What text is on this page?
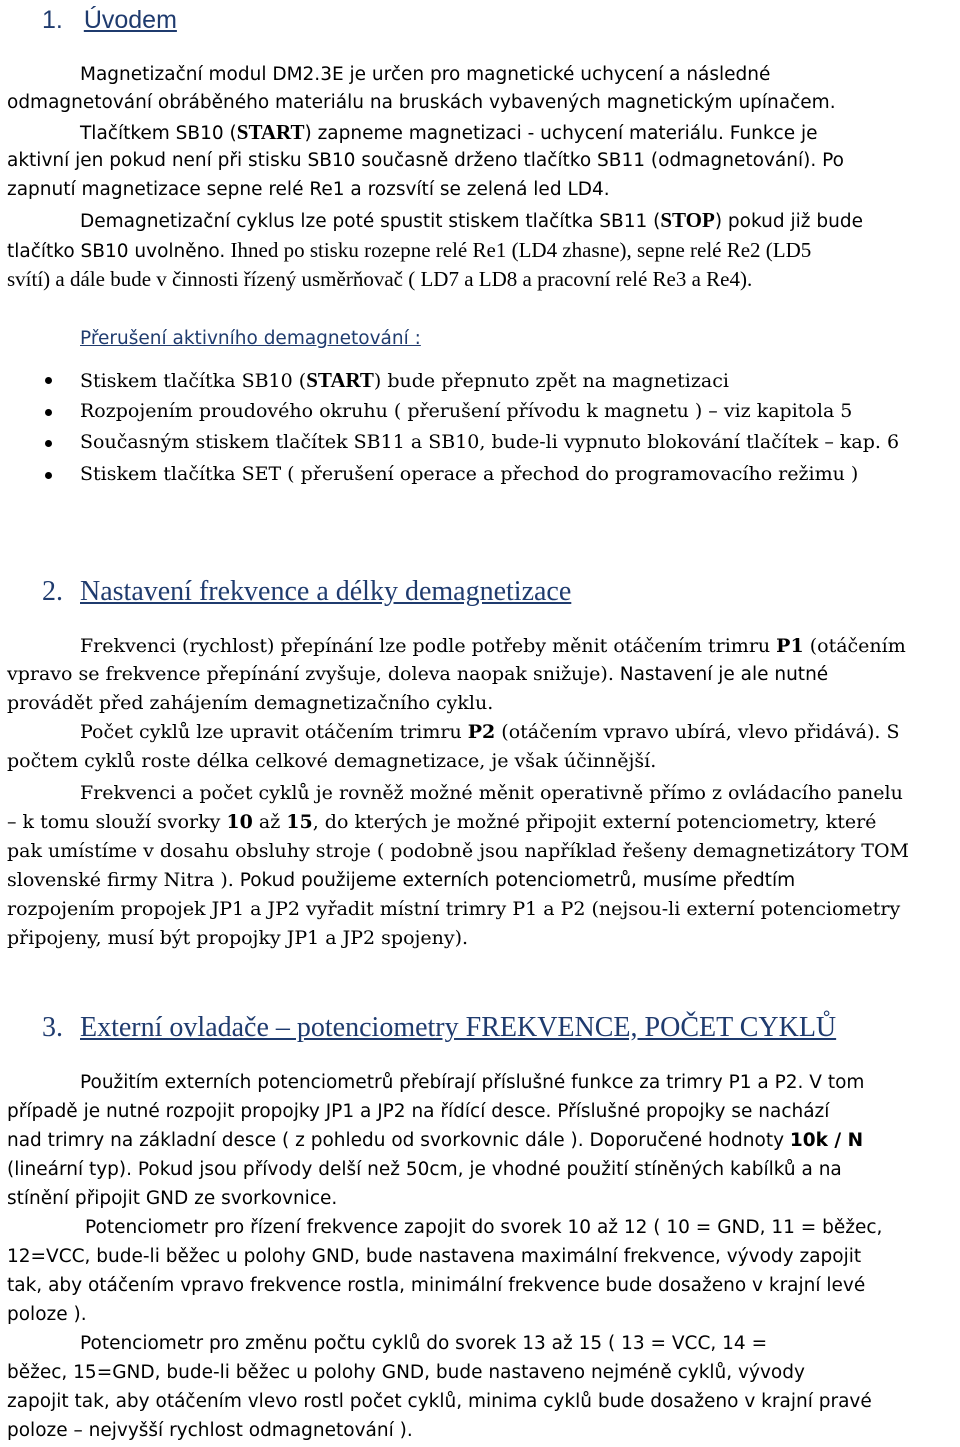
1. Úvodem
Magnetizační modul DM2.3E je určen pro magnetické uchycení a následné
odmagnetování obráběného materiálu na bruskách vybavených magnetickým upínačem.
Tlačítkem SB10 (START) zapneme magnetizaci - uchycení materiálu. Funkce je
aktivní jen pokud není při stisku SB10 současně drženo tlačítko SB11 (odmagnetování). Po
zapnutí magnetizace sepne relé Re1 a rozsvítí se zelená led LD4.
Demagnetizační cyklus lze poté spustit stiskem tlačítka SB11 (STOP) pokud již bude
tlačítko SB10 uvolněno. Ihned po stisku rozepne relé Re1 (LD4 zhasne), sepne relé Re2 (LD5
svítí) a dále bude v činnosti řízený usměrňovač ( LD7 a LD8 a pracovní relé Re3 a Re4).
Přerušení aktivního demagnetování :
Stiskem tlačítka SB10 (START) bude přepnuto zpět na magnetizaci
Rozpojením proudového okruhu ( přerušení přívodu k magnetu ) – viz kapitola 5
Současným stiskem tlačítek SB11 a SB10, bude-li vypnuto blokování tlačítek – kap. 6
Stiskem tlačítka SET ( přerušení operace a přechod do programovacího režimu )
2. Nastavení frekvence a délky demagnetizace
Frekvenci (rychlost) přepínání lze podle potřeby měnit otáčením trimru P1 (otáčením
vpravo se frekvence přepínání zvyšuje, doleva naopak snižuje). Nastavení je ale nutné
provádět před zahájením demagnetizačního cyklu.
Počet cyklů lze upravit otáčením trimru P2 (otáčením vpravo ubírá, vlevo přidává). S
počtem cyklů roste délka celkové demagnetizace, je však účinnější.
Frekvenci a počet cyklů je rovněž možné měnit operativně přímo z ovládacího panelu
– k tomu slouží svorky 10 až 15, do kterých je možné připojit externí potenciometry, které
pak umístíme v dosahu obsluhy stroje ( podobně jsou například řešeny demagnetizátory TOM
slovenské firmy Nitra ). Pokud použijeme externích potenciometrů, musíme předtím
rozpojením propojek JP1 a JP2 vyřadit místní trimry P1 a P2 (nejsou-li externí potenciometry
připojeny, musí být propojky JP1 a JP2 spojeny).
3. Externí ovladače – potenciometry FREKVENCE, POČET CYKLŮ
Použitím externích potenciometrů přebírají příslušné funkce za trimry P1 a P2. V tom
případě je nutné rozpojit propojky JP1 a JP2 na řídící desce. Příslušné propojky se nachází
nad trimry na základní desce ( z pohledu od svorkovnic dále ). Doporučené hodnoty 10k / N
(lineární typ). Pokud jsou přívody delší než 50cm, je vhodné použití stíněných kabílků a na
stínění připojit GND ze svorkovnice.
Potenciometr pro řízení frekvence zapojit do svorek 10 až 12 ( 10 = GND, 11 = běžec,
12=VCC, bude-li běžec u polohy GND, bude nastavena maximální frekvence, vývody zapojit
tak, aby otáčením vpravo frekvence rostla, minimální frekvence bude dosaženo v krajní levé
poloze ).
Potenciometr pro změnu počtu cyklů do svorek 13 až 15 ( 13 = VCC, 14 =
běžec, 15=GND, bude-li běžec u polohy GND, bude nastaveno nejméně cyklů, vývody
zapojit tak, aby otáčením vlevo rostl počet cyklů, minima cyklů bude dosaženo v krajní pravé
poloze – nejvyšší rychlost odmagnetování ).
